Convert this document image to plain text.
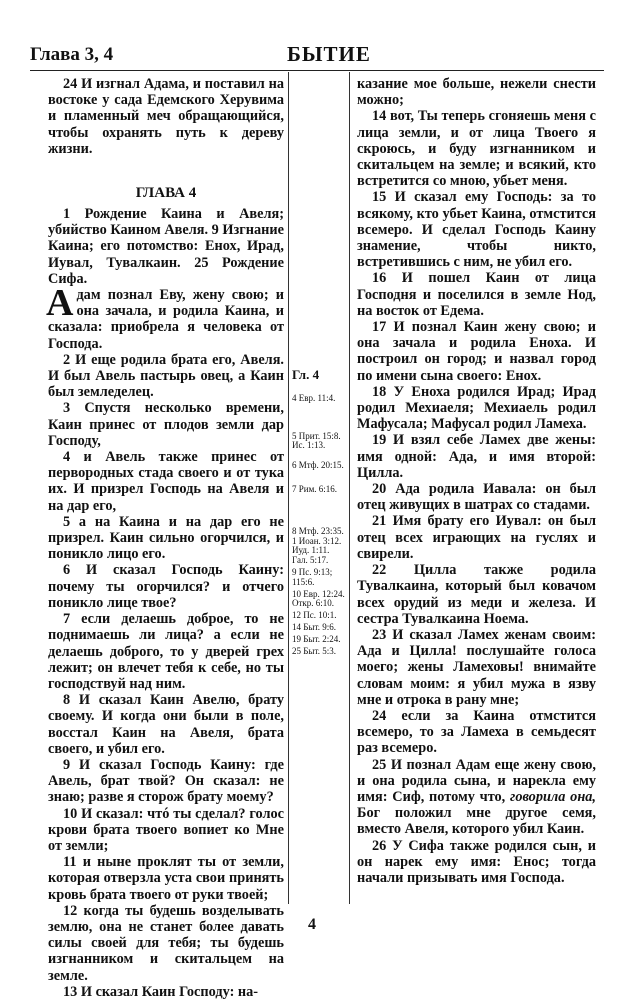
Глава 3, 4	БЫТИЕ

24 И изгнал Адама, и поставил на востоке у сада Едемского Херувима и пламенный меч обращающийся, чтобы охранять путь к дереву жизни.

ГЛАВА 4

1 Рождение Каина и Авеля; убийство Каином Авеля. 9 Изгнание Каина; его потомство: Енох, Ирад, Иувал, Тувалкаин. 25 Рождение Сифа.

Адам познал Еву, жену свою; и она зачала, и родила Каина, и сказала: приобрела я человека от Господа.

2 И еще родила брата его, Авеля. И был Авель пастырь овец, а Каин был земледелец.

3 Спустя несколько времени, Каин принес от плодов земли дар Господу,

4 и Авель также принес от первородных стада своего и от тука их. И призрел Господь на Авеля и на дар его,

5 а на Каина и на дар его не призрел. Каин сильно огорчился, и поникло лицо его.

6 И сказал Господь Каину: почему ты огорчился? и отчего поникло лице твое?

7 если делаешь доброе, то не поднимаешь ли лица? а если не делаешь доброго, то у дверей грех лежит; он влечет тебя к себе, но ты господствуй над ним.

8 И сказал Каин Авелю, брату своему. И когда они были в поле, восстал Каин на Авеля, брата своего, и убил его.

9 И сказал Господь Каину: где Авель, брат твой? Он сказал: не знаю; разве я сторож брату моему?

10 И сказал: чтó ты сделал? голос крови брата твоего вопиет ко Мне от земли;

11 и ныне проклят ты от земли, которая отверзла уста свои принять кровь брата твоего от руки твоей;

12 когда ты будешь возделывать землю, она не станет более давать силы своей для тебя; ты будешь изгнанником и скитальцем на земле.

13 И сказал Каин Господу: на-

Гл. 4
4 Евр. 11:4.
5 Прит. 15:8. Ис. 1:13.
6 Мтф. 20:15.
7 Рим. 6:16.
8 Мтф. 23:35. 1 Иоан. 3:12. Иуд. 1:11. Гал. 5:17.
9 Пс. 9:13; 115:6.
10 Евр. 12:24. Откр. 6:10.
12 Пс. 10:1.
14 Быт. 9:6.
19 Быт. 2:24.
25 Быт. 5:3.

казание мое больше, нежели снести можно;

14 вот, Ты теперь сгоняешь меня с лица земли, и от лица Твоего я скроюсь, и буду изгнанником и скитальцем на земле; и всякий, кто встретится со мною, убьет меня.

15 И сказал ему Господь: за то всякому, кто убьет Каина, отмстится всемеро. И сделал Господь Каину знамение, чтобы никто, встретившись с ним, не убил его.

16 И пошел Каин от лица Господня и поселился в земле Нод, на восток от Едема.

17 И познал Каин жену свою; и она зачала и родила Еноха. И построил он город; и назвал город по имени сына своего: Енох.

18 У Еноха родился Ирад; Ирад родил Мехиаеля; Мехиаель родил Мафусала; Мафусал родил Ламеха.

19 И взял себе Ламех две жены: имя одной: Ада, и имя второй: Цилла.

20 Ада родила Иавала: он был отец живущих в шатрах со стадами.

21 Имя брату его Иувал: он был отец всех играющих на гуслях и свирели.

22 Цилла также родила Тувалкаина, который был ковачом всех орудий из меди и железа. И сестра Тувалкаина Ноема.

23 И сказал Ламех женам своим: Ада и Цилла! послушайте голоса моего; жены Ламеховы! внимайте словам моим: я убил мужа в язву мне и отрока в рану мне;

24 если за Каина отмстится всемеро, то за Ламеха в семьдесят раз всемеро.

25 И познал Адам еще жену свою, и она родила сына, и нарекла ему имя: Сиф, потому что, говорила она, Бог положил мне другое семя, вместо Авеля, которого убил Каин.

26 У Сифа также родился сын, и он нарек ему имя: Енос; тогда начали призывать имя Господа.

4
